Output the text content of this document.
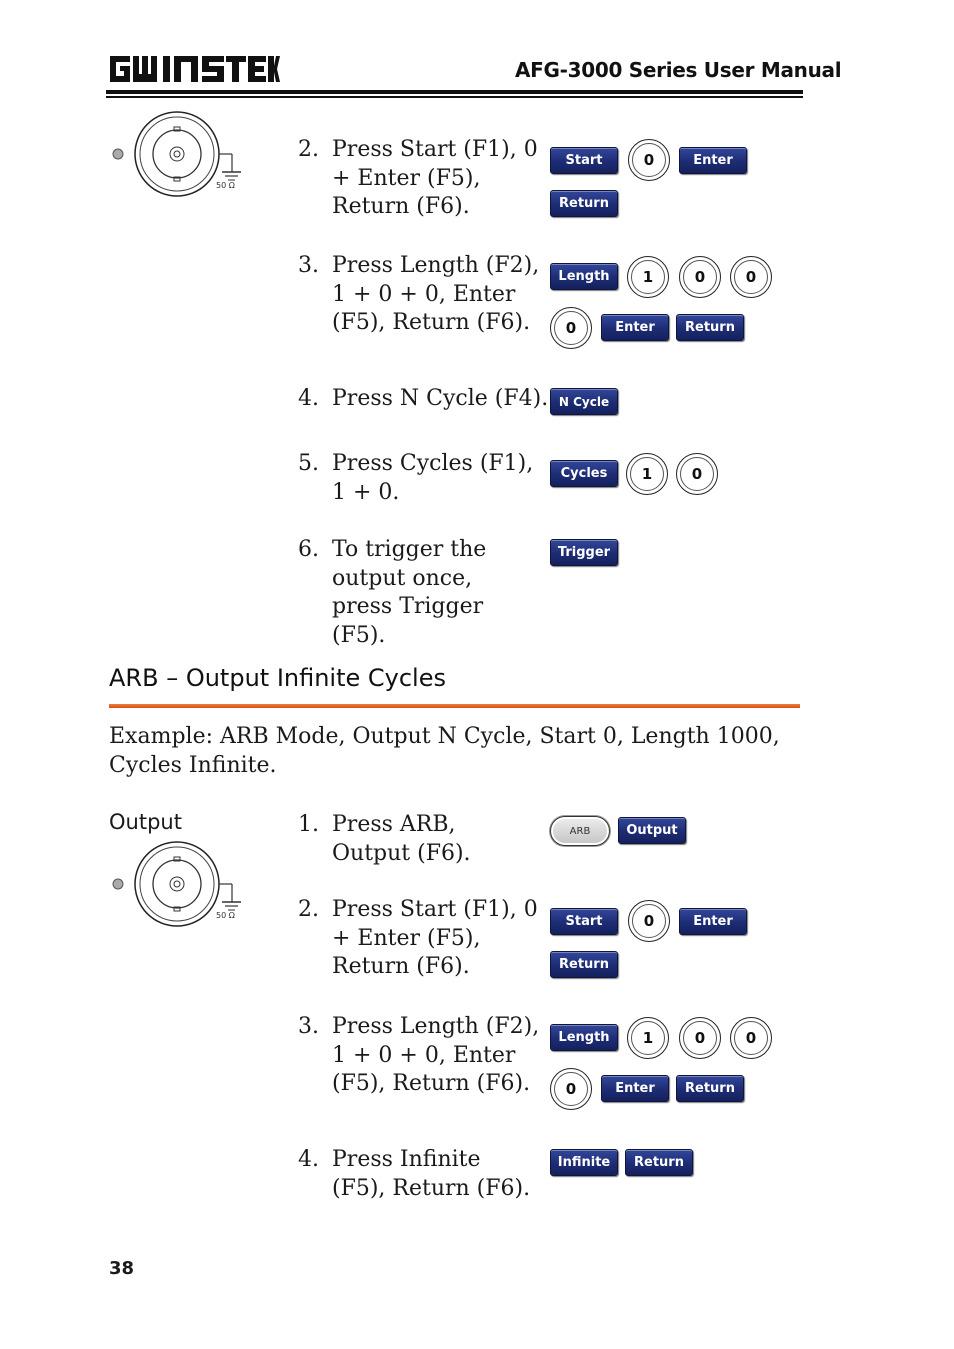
AFG-3000 Series User Manual
50 Ω
2. Press Start (F1), 0 + Enter (F5), Return (F6).
Start	0	Enter
Return
3. Press Length (F2), 1 + 0 + 0, Enter (F5), Return (F6).
Length	1	0	0
0	Enter	Return
4. Press N Cycle (F4). N Cycle
5. Press Cycles (F1), 1 + 0.
Cycles	1	0
6. To trigger the output once, press Trigger (F5).
Trigger
ARB – Output Infinite Cycles
Example: ARB Mode, Output N Cycle, Start 0, Length 1000, Cycles Infinite.
Output
50 Ω
1. Press ARB, Output (F6).
ARB	Output
2. Press Start (F1), 0 + Enter (F5), Return (F6).
Start	0	Enter
Return
3. Press Length (F2), 1 + 0 + 0, Enter (F5), Return (F6).
Length	1	0	0
0	Enter	Return
4. Press Infinite (F5), Return (F6).
Infinite	Return
38
